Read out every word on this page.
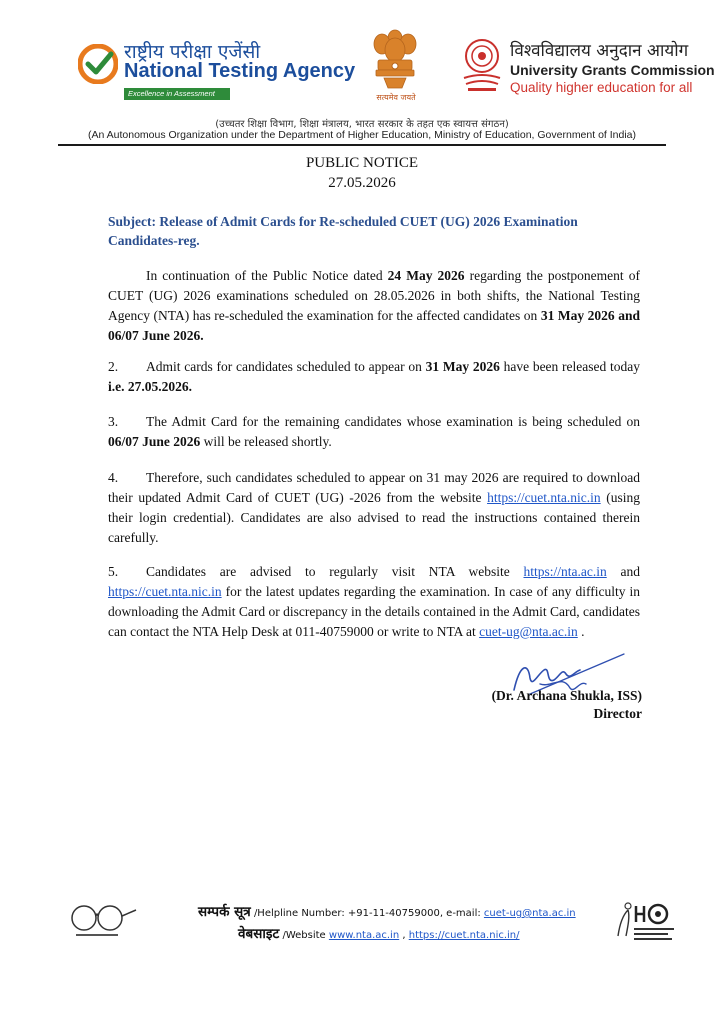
राष्ट्रीय परीक्षा एजेंसी
National Testing Agency
Excellence in Assessment	सत्यमेव जयते
विश्वविद्यालय अनुदान आयोग
University Grants Commission
Quality higher education for all
(उच्चतर शिक्षा विभाग, शिक्षा मंत्रालय, भारत सरकार के तहत एक स्वायत्त संगठन)
(An Autonomous Organization under the Department of Higher Education, Ministry of Education, Government of India)
PUBLIC NOTICE
27.05.2026
Subject: Release of Admit Cards for Re-scheduled CUET (UG) 2026 Examination Candidates-reg.
In continuation of the Public Notice dated 24 May 2026 regarding the postponement of CUET (UG) 2026 examinations scheduled on 28.05.2026 in both shifts, the National Testing Agency (NTA) has re-scheduled the examination for the affected candidates on 31 May 2026 and 06/07 June 2026.
2. Admit cards for candidates scheduled to appear on 31 May 2026 have been released today i.e. 27.05.2026.
3. The Admit Card for the remaining candidates whose examination is being scheduled on 06/07 June 2026 will be released shortly.
4. Therefore, such candidates scheduled to appear on 31 may 2026 are required to download their updated Admit Card of CUET (UG) -2026 from the website https://cuet.nta.nic.in (using their login credential). Candidates are also advised to read the instructions contained therein carefully.
5. Candidates are advised to regularly visit NTA website https://nta.ac.in and https://cuet.nta.nic.in for the latest updates regarding the examination. In case of any difficulty in downloading the Admit Card or discrepancy in the details contained in the Admit Card, candidates can contact the NTA Help Desk at 011-40759000 or write to NTA at cuet-ug@nta.ac.in .
(Dr. Archana Shukla, ISS)
Director
सम्पर्क सूत्र /Helpline Number: +91-11-40759000, e-mail: cuet-ug@nta.ac.in
वेबसाइट /Website www.nta.ac.in , https://cuet.nta.nic.in/
